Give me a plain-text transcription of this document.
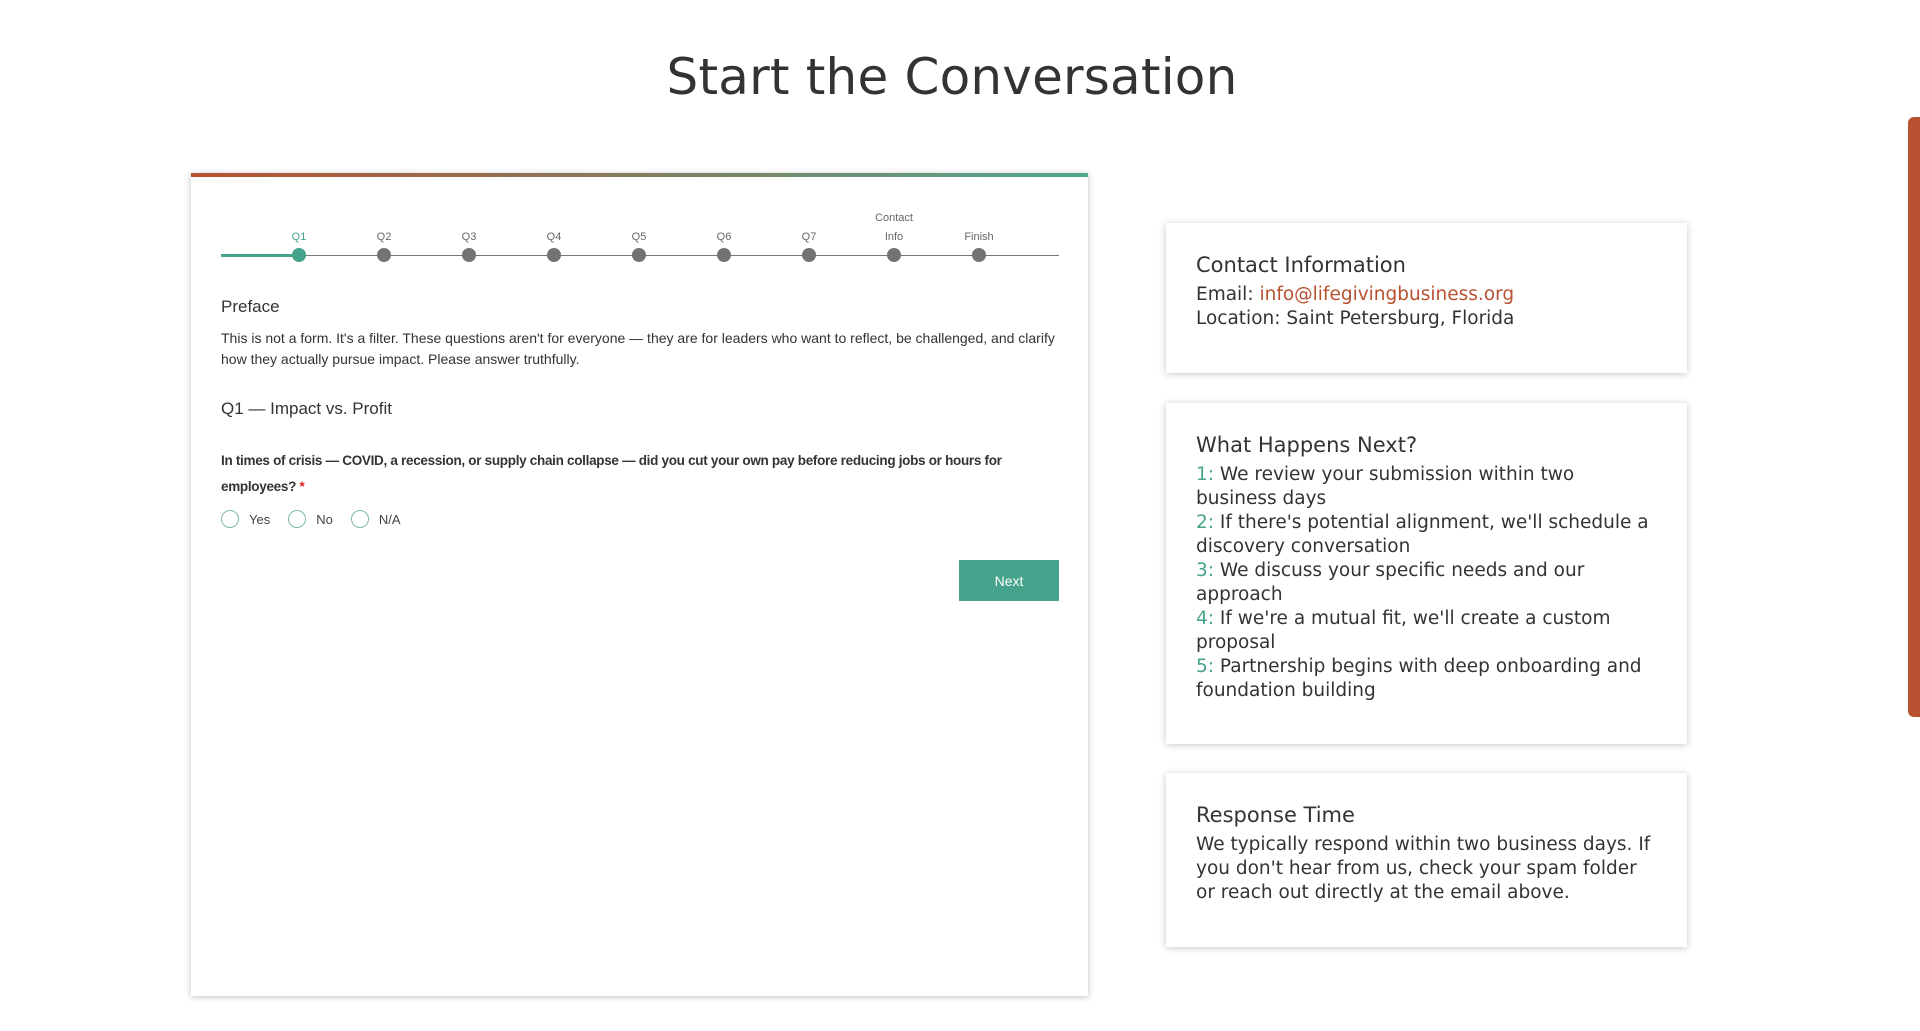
Start the Conversation
Q1	Q2	Q3	Q4	Q5	Q6	Q7
Contact
Info	Finish
Preface
This is not a form. It's a filter. These questions aren't for everyone — they are for leaders who want to reflect, be challenged, and clarify how they actually pursue impact. Please answer truthfully.
Q1 — Impact vs. Profit
In times of crisis — COVID, a recession, or supply chain collapse — did you cut your own pay before reducing jobs or hours for employees? *
Yes	No	N/A
Next
Contact Information
Email: info@lifegivingbusiness.org
Location: Saint Petersburg, Florida
What Happens Next?
1: We review your submission within two business days
2: If there's potential alignment, we'll schedule a discovery conversation
3: We discuss your specific needs and our approach
4: If we're a mutual fit, we'll create a custom proposal
5: Partnership begins with deep onboarding and foundation building
Response Time
We typically respond within two business days. If you don't hear from us, check your spam folder or reach out directly at the email above.
